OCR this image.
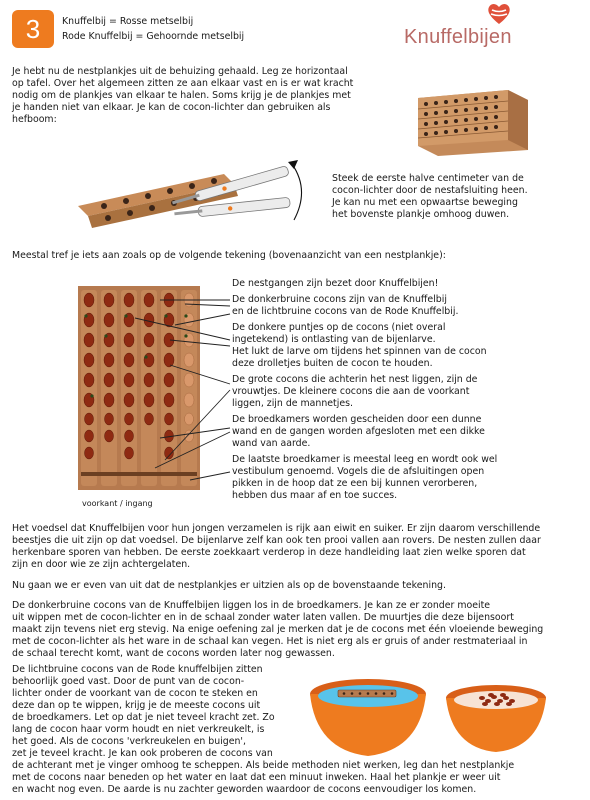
3	Knuffelbij = Rosse metselbij
Rode Knuffelbij = Gehoornde metselbij	Knuffelbijen

Je hebt nu de nestplankjes uit de behuizing gehaald. Leg ze horizontaal

op tafel. Over het algemeen zitten ze aan elkaar vast en is er wat kracht

nodig om de plankjes van elkaar te halen. Soms krijg je de plankjes met

je handen niet van elkaar. Je kan de cocon-lichter dan gebruiken als

hefboom:

Steek de eerste halve centimeter van de

cocon-lichter door de nestafsluiting heen.

Je kan nu met een opwaartse beweging

het bovenste plankje omhoog duwen.

Meestal tref je iets aan zoals op de volgende tekening (bovenaanzicht van een nestplankje):

voorkant / ingang

De nestgangen zijn bezet door Knuffelbijen!

De donkerbruine cocons zijn van de Knuffelbij

en de lichtbruine cocons van de Rode Knuffelbij.

De donkere puntjes op de cocons (niet overal

ingetekend) is ontlasting van de bijenlarve.

Het lukt de larve om tijdens het spinnen van de cocon

deze drolletjes buiten de cocon te houden.

De grote cocons die achterin het nest liggen, zijn de

vrouwtjes. De kleinere cocons die aan de voorkant

liggen, zijn de mannetjes.

De broedkamers worden gescheiden door een dunne

wand en de gangen worden afgesloten met een dikke

wand van aarde.

De laatste broedkamer is meestal leeg en wordt ook wel

vestibulum genoemd. Vogels die de afsluitingen open

pikken in de hoop dat ze een bij kunnen verorberen,

hebben dus maar af en toe succes.

Het voedsel dat Knuffelbijen voor hun jongen verzamelen is rijk aan eiwit en suiker. Er zijn daarom verschillende

beestjes die uit zijn op dat voedsel. De bijenlarve zelf kan ook ten prooi vallen aan rovers. De nesten zullen daar

herkenbare sporen van hebben. De eerste zoekkaart verderop in deze handleiding laat zien welke sporen dat

zijn en door wie ze zijn achtergelaten.

Nu gaan we er even van uit dat de nestplankjes er uitzien als op de bovenstaande tekening.

De donkerbruine cocons van de Knuffelbijen liggen los in de broedkamers. Je kan ze er zonder moeite

uit wippen met de cocon-lichter en in de schaal zonder water laten vallen. De muurtjes die deze bijensoort

maakt zijn tevens niet erg stevig. Na enige oefening zal je merken dat je de cocons met één vloeiende beweging

met de cocon-lichter als het ware in de schaal kan vegen. Het is niet erg als er gruis of ander restmateriaal in

de schaal terecht komt, want de cocons worden later nog gewassen.

De lichtbruine cocons van de Rode knuffelbijen zitten

behoorlijk goed vast. Door de punt van de cocon-

lichter onder de voorkant van de cocon te steken en

deze dan op te wippen, krijg je de meeste cocons uit

de broedkamers. Let op dat je niet teveel kracht zet. Zo

lang de cocon haar vorm houdt en niet verkreukelt, is

het goed. Als de cocons 'verkreukelen en buigen',

zet je teveel kracht. Je kan ook proberen de cocons van

de achterant met je vinger omhoog te scheppen. Als beide methoden niet werken, leg dan het nestplankje

met de cocons naar beneden op het water en laat dat een minuut inweken. Haal het plankje er weer uit

en wacht nog even. De aarde is nu zachter geworden waardoor de cocons eenvoudiger los komen.
